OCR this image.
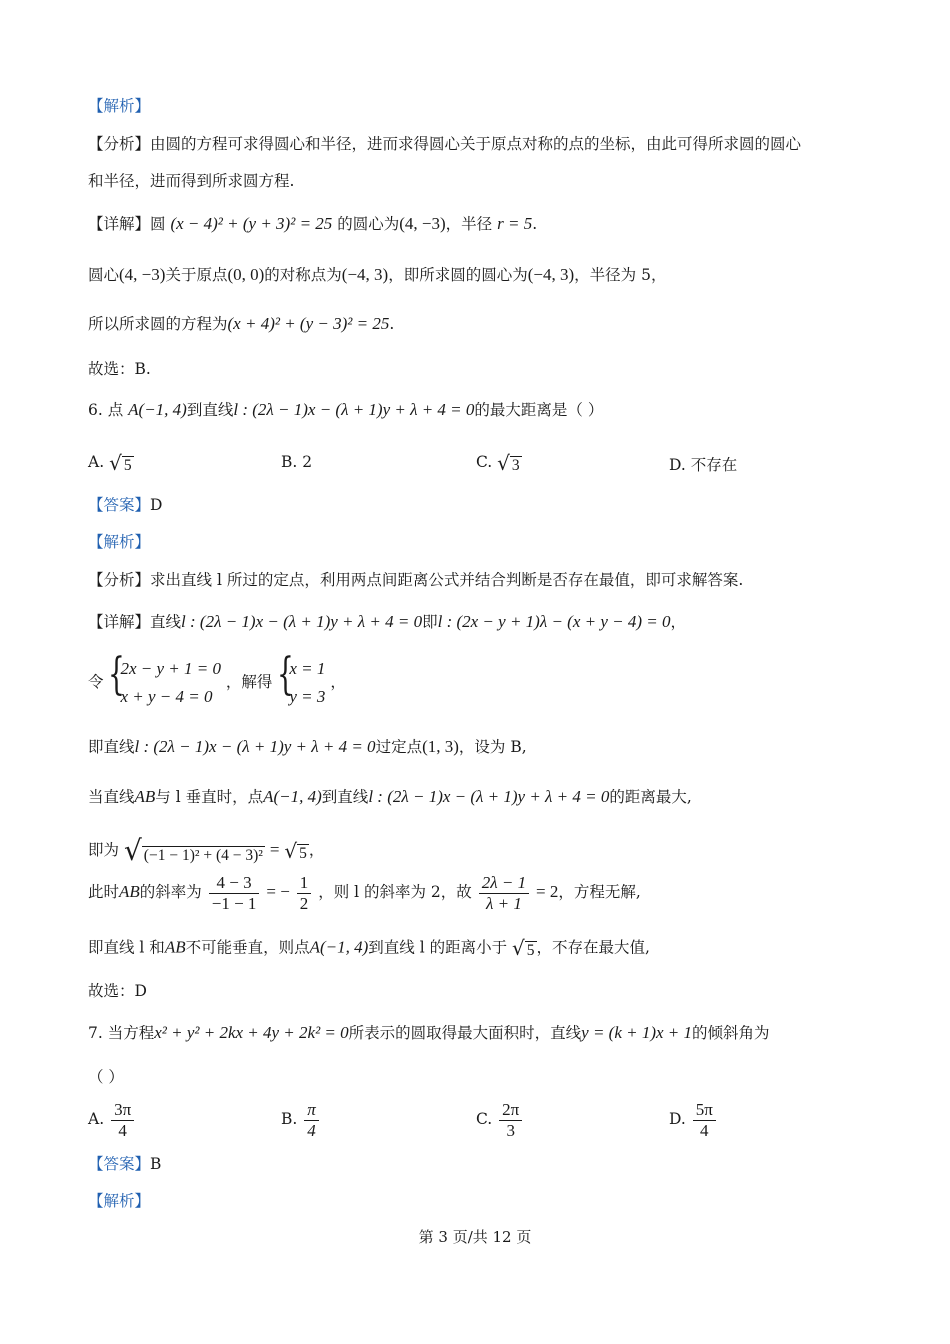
【解析】
【分析】由圆的方程可求得圆心和半径，进而求得圆心关于原点对称的点的坐标，由此可得所求圆的圆心
和半径，进而得到所求圆方程.
【详解】圆 (x − 4)² + (y + 3)² = 25 的圆心为(4, −3)，半径 r = 5.
圆心(4, −3)关于原点(0, 0)的对称点为(−4, 3)，即所求圆的圆心为(−4, 3)，半径为 5，
所以所求圆的方程为(x + 4)² + (y − 3)² = 25.
故选：B.
6. 点 A(−1, 4)到直线l : (2λ − 1)x − (λ + 1)y + λ + 4 = 0的最大距离是（ ）
A. √ 5	B. 2	C. √ 3	D. 不存在
【答案】D
【解析】
【分析】求出直线 l 所过的定点，利用两点间距离公式并结合判断是否存在最值，即可求解答案.
【详解】直线l : (2λ − 1)x − (λ + 1)y + λ + 4 = 0即l : (2x − y + 1)λ − (x + y − 4) = 0，
令 {
2x − y + 1 = 0
x + y − 4 = 0
，解得 {
x = 1
y = 3
，
即直线l : (2λ − 1)x − (λ + 1)y + λ + 4 = 0过定点(1, 3)，设为 B,
当直线AB与 l 垂直时，点A(−1, 4)到直线l : (2λ − 1)x − (λ + 1)y + λ + 4 = 0的距离最大,
即为 √ (−1 − 1)² + (4 − 3)² = √ 5 ，
此时AB的斜率为 $\frac{4 - 3}{-1 - 1}$ = − $\frac{1}{2}$ ，则 l 的斜率为 2，故 $\frac{2\lambda - 1}{\lambda + 1} = 2$，方程无解,
即直线 l 和AB不可能垂直，则点A(−1, 4)到直线 l 的距离小于 √ 5 ，不存在最大值,
故选：D
7. 当方程x² + y² + 2kx + 4y + 2k² = 0所表示的圆取得最大面积时，直线y = (k + 1)x + 1的倾斜角为
（ ）
A. $\frac{3\pi}{4}$	B. $\frac{\pi}{4}$	C. $\frac{2\pi}{3}$	D. $\frac{5\pi}{4}$
【答案】B
【解析】
第 3 页/共 12 页
